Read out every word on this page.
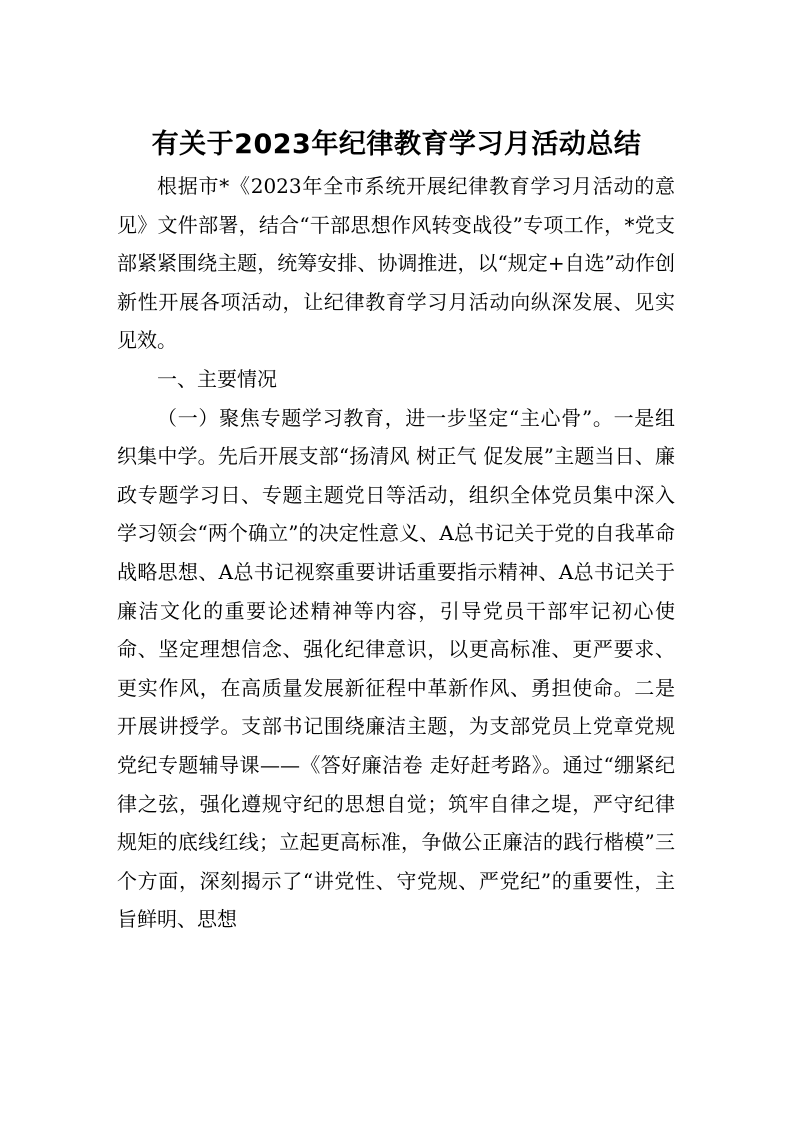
有关于2023年纪律教育学习月活动总结

根据市*《2023年全市系统开展纪律教育学习月活动的意见》文件部署，结合“干部思想作风转变战役”专项工作，*党支部紧紧围绕主题，统筹安排、协调推进，以“规定+自选”动作创新性开展各项活动，让纪律教育学习月活动向纵深发展、见实见效。

一、主要情况

（一）聚焦专题学习教育，进一步坚定“主心骨”。一是组织集中学。先后开展支部“扬清风 树正气 促发展”主题当日、廉政专题学习日、专题主题党日等活动，组织全体党员集中深入学习领会“两个确立”的决定性意义、A总书记关于党的自我革命战略思想、A总书记视察重要讲话重要指示精神、A总书记关于廉洁文化的重要论述精神等内容，引导党员干部牢记初心使命、坚定理想信念、强化纪律意识，以更高标准、更严要求、更实作风，在高质量发展新征程中革新作风、勇担使命。二是开展讲授学。支部书记围绕廉洁主题，为支部党员上党章党规党纪专题辅导课——《答好廉洁卷 走好赶考路》。通过“绷紧纪律之弦，强化遵规守纪的思想自觉；筑牢自律之堤，严守纪律规矩的底线红线；立起更高标准，争做公正廉洁的践行楷模”三个方面，深刻揭示了“讲党性、守党规、严党纪”的重要性，主旨鲜明、思想
